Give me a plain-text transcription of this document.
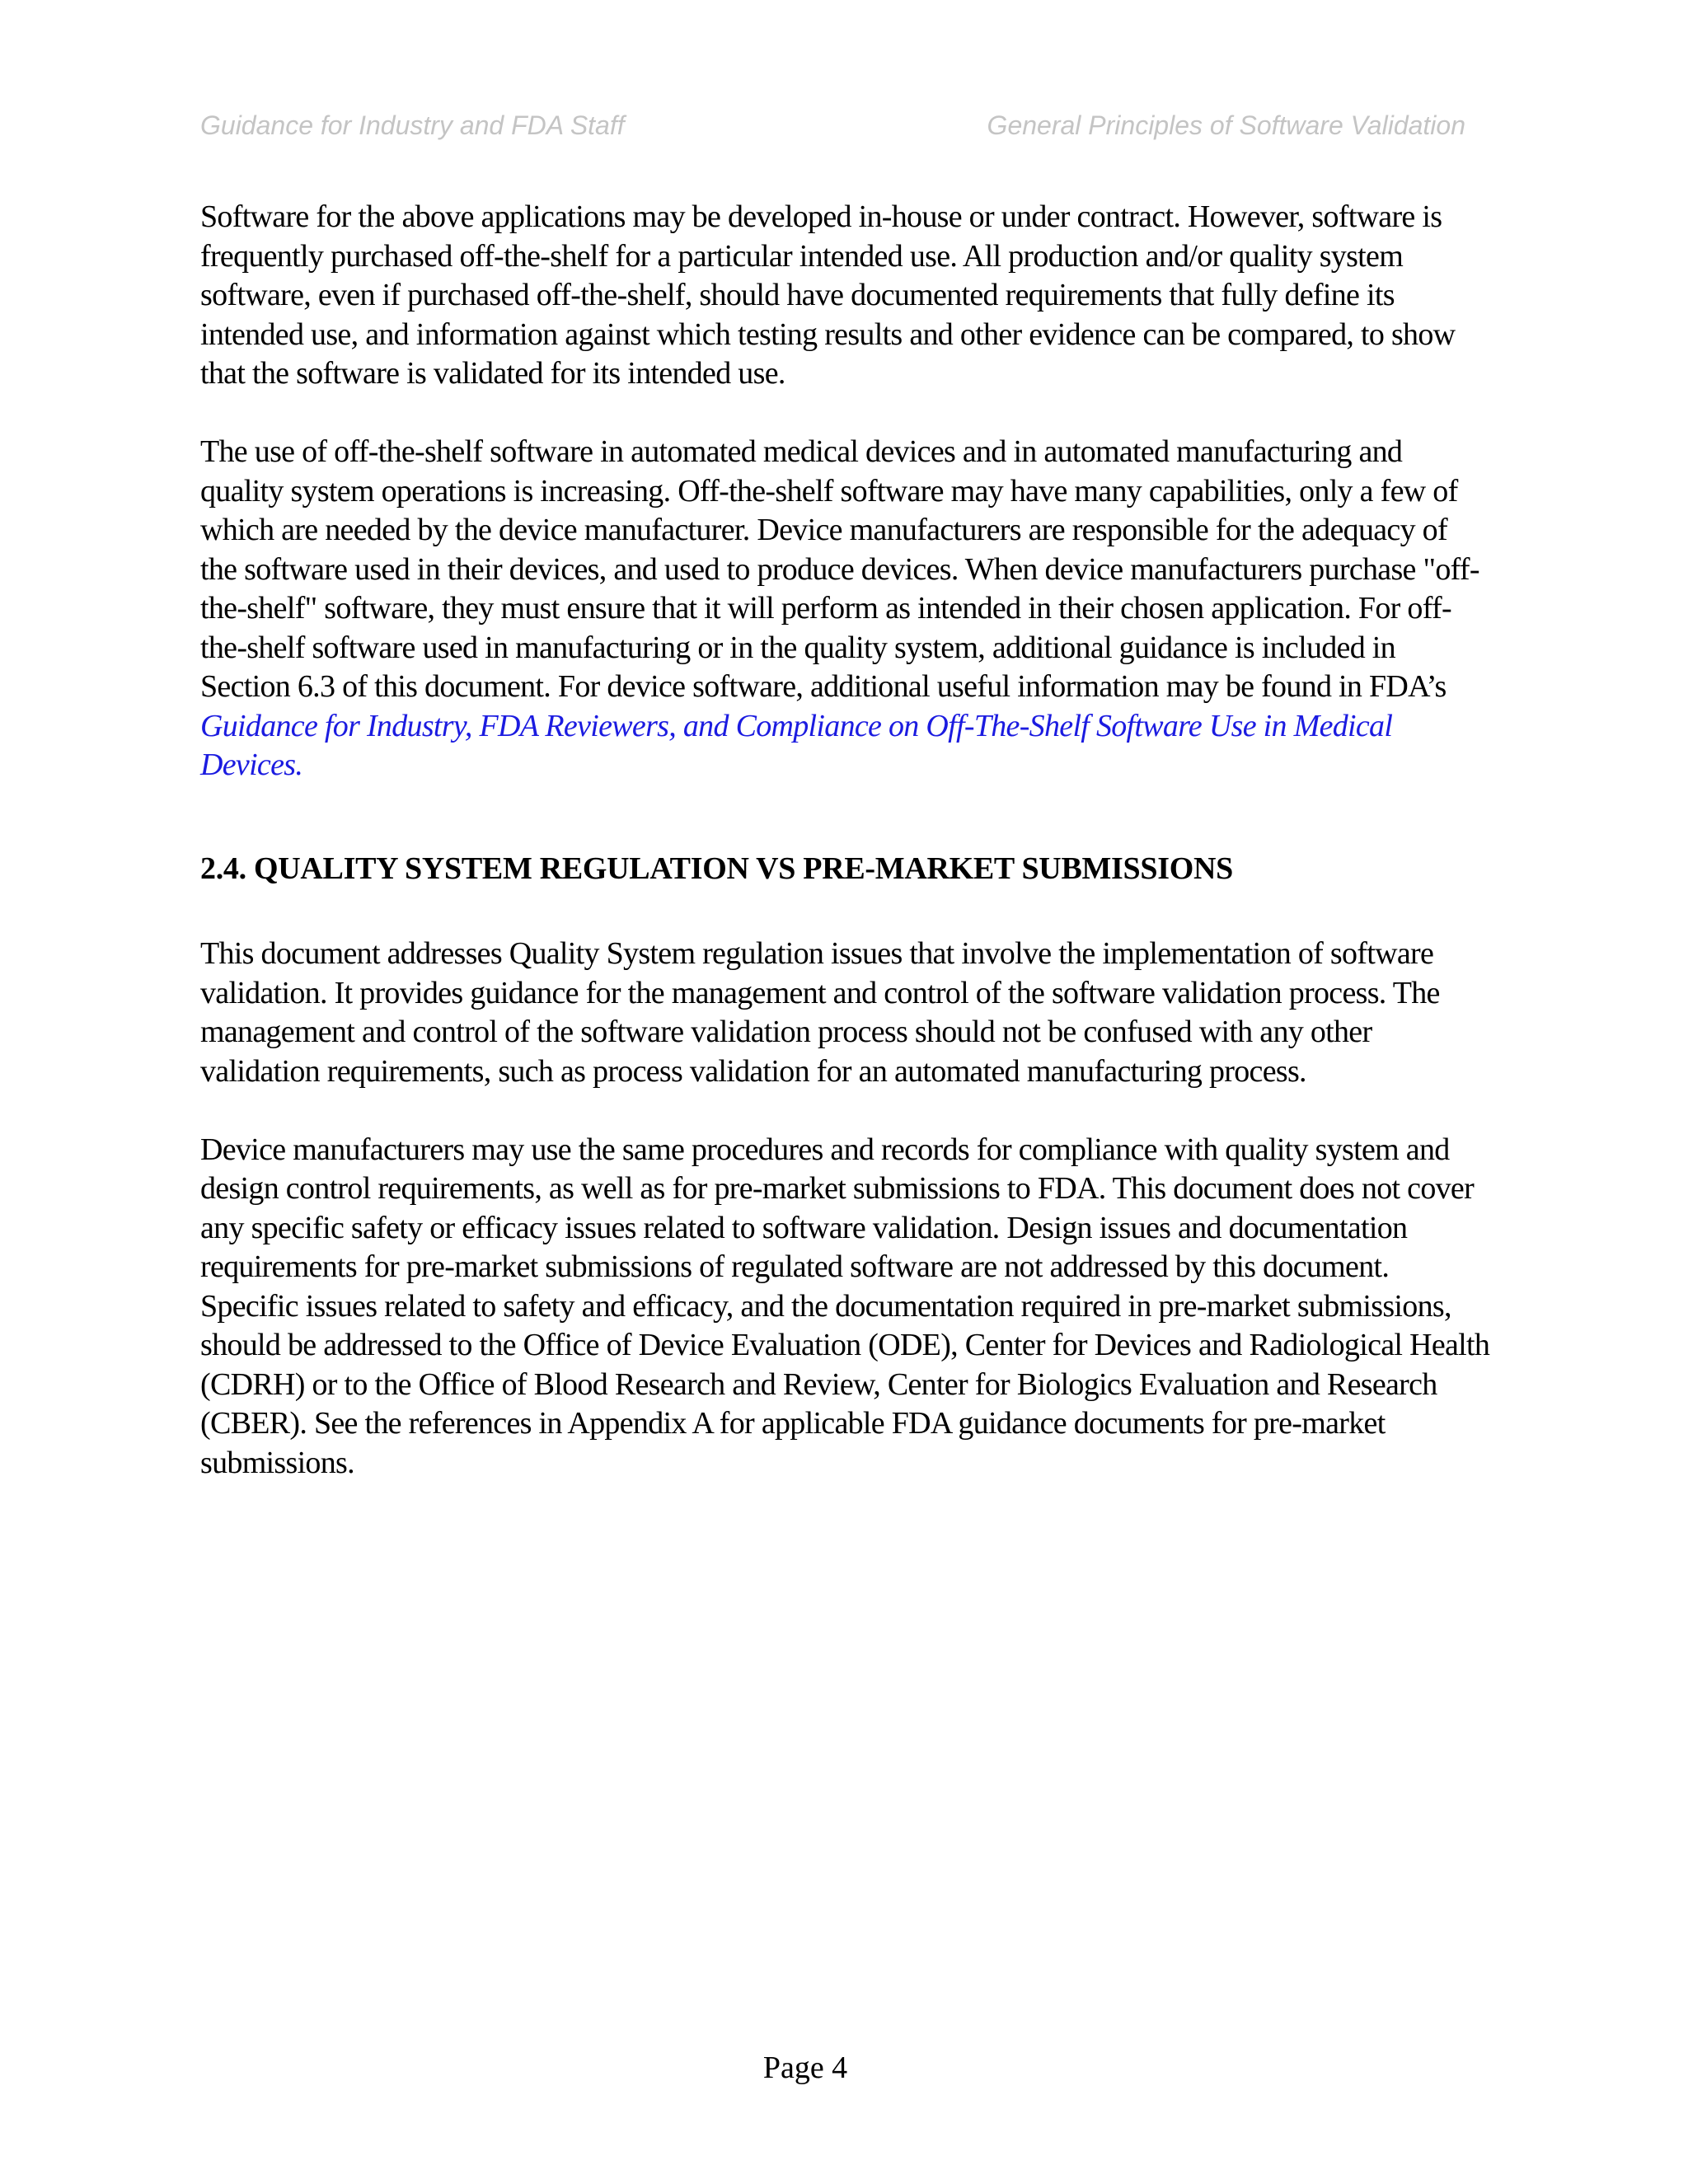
Guidance for Industry and FDA Staff	General Principles of Software Validation

Software for the above applications may be developed in-house or under contract. However, software is frequently purchased off-the-shelf for a particular intended use. All production and/or quality system software, even if purchased off-the-shelf, should have documented requirements that fully define its intended use, and information against which testing results and other evidence can be compared, to show that the software is validated for its intended use.

The use of off-the-shelf software in automated medical devices and in automated manufacturing and quality system operations is increasing. Off-the-shelf software may have many capabilities, only a few of which are needed by the device manufacturer. Device manufacturers are responsible for the adequacy of the software used in their devices, and used to produce devices. When device manufacturers purchase "off-the-shelf" software, they must ensure that it will perform as intended in their chosen application. For off-the-shelf software used in manufacturing or in the quality system, additional guidance is included in Section 6.3 of this document. For device software, additional useful information may be found in FDA’s Guidance for Industry, FDA Reviewers, and Compliance on Off-The-Shelf Software Use in Medical Devices.

2.4. QUALITY SYSTEM REGULATION VS PRE-MARKET SUBMISSIONS

This document addresses Quality System regulation issues that involve the implementation of software validation. It provides guidance for the management and control of the software validation process. The management and control of the software validation process should not be confused with any other validation requirements, such as process validation for an automated manufacturing process.

Device manufacturers may use the same procedures and records for compliance with quality system and design control requirements, as well as for pre-market submissions to FDA. This document does not cover any specific safety or efficacy issues related to software validation. Design issues and documentation requirements for pre-market submissions of regulated software are not addressed by this document. Specific issues related to safety and efficacy, and the documentation required in pre-market submissions, should be addressed to the Office of Device Evaluation (ODE), Center for Devices and Radiological Health (CDRH) or to the Office of Blood Research and Review, Center for Biologics Evaluation and Research (CBER). See the references in Appendix A for applicable FDA guidance documents for pre-market submissions.

Page 4
